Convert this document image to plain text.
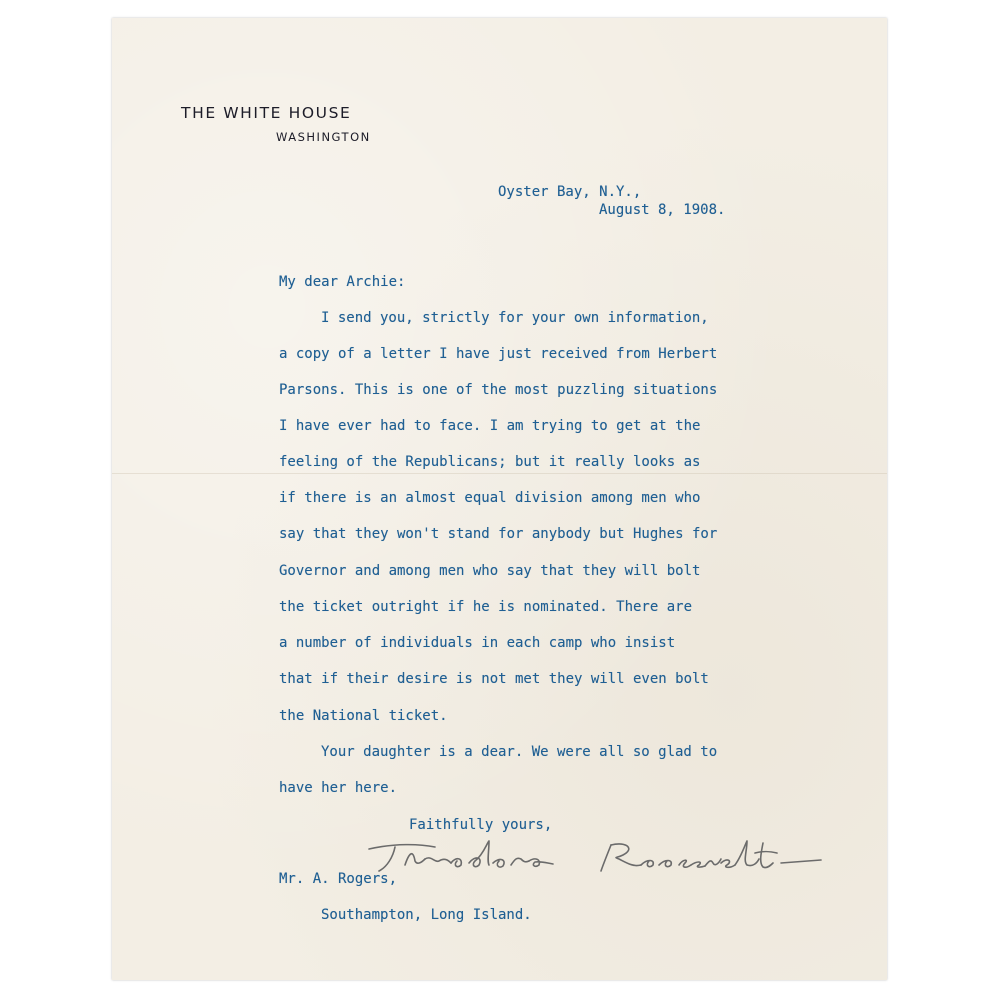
THE WHITE HOUSE
WASHINGTON
Oyster Bay, N.Y.,
August 8, 1908.
My dear Archie:
I send you, strictly for your own information,
a copy of a letter I have just received from Herbert
Parsons. This is one of the most puzzling situations
I have ever had to face. I am trying to get at the
feeling of the Republicans; but it really looks as
if there is an almost equal division among men who
say that they won't stand for anybody but Hughes for
Governor and among men who say that they will bolt
the ticket outright if he is nominated. There are
a number of individuals in each camp who insist
that if their desire is not met they will even bolt
the National ticket.
Your daughter is a dear. We were all so glad to
have her here.
Faithfully yours,
Mr. A. Rogers,
Southampton, Long Island.
